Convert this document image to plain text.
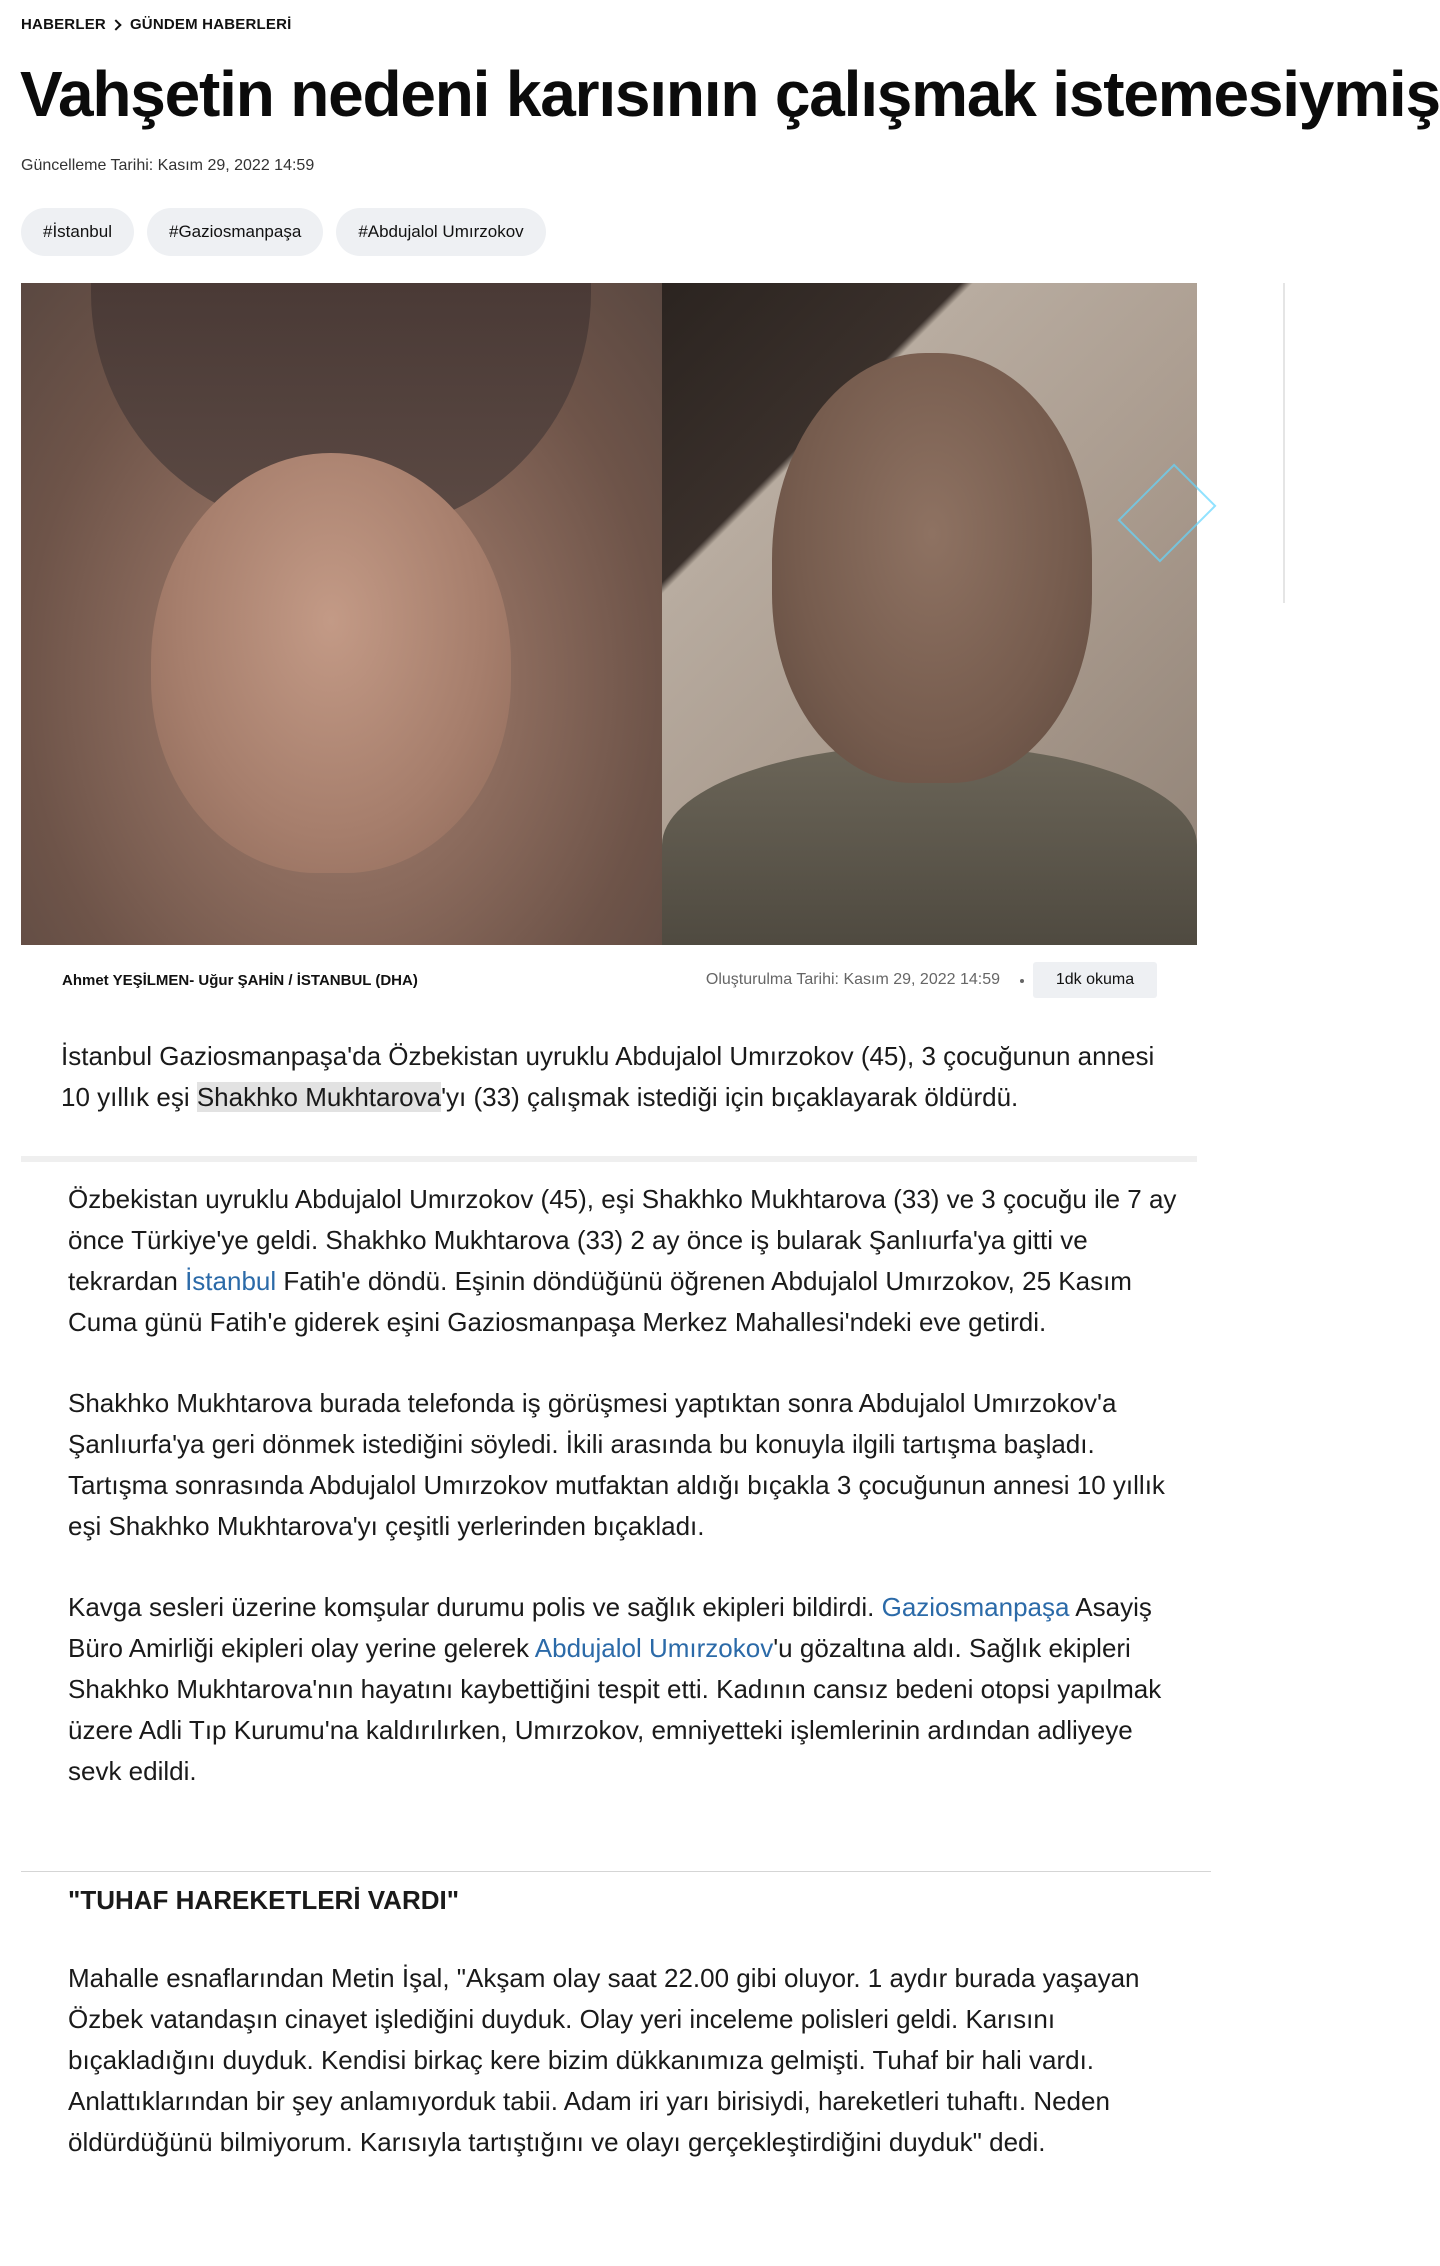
HABERLER GÜNDEM HABERLERİ
Vahşetin nedeni karısının çalışmak istemesiymiş
Güncelleme Tarihi: Kasım 29, 2022 14:59
#İstanbul	#Gaziosmanpaşa	#Abdujalol Umırzokov
Ahmet YEŞİLMEN- Uğur ŞAHİN / İSTANBUL (DHA)	Oluşturulma Tarihi: Kasım 29, 2022 14:59	1dk okuma

İstanbul Gaziosmanpaşa'da Özbekistan uyruklu Abdujalol Umırzokov (45), 3 çocuğunun annesi 10 yıllık eşi Shakhko Mukhtarova'yı (33) çalışmak istediği için bıçaklayarak öldürdü.

Özbekistan uyruklu Abdujalol Umırzokov (45), eşi Shakhko Mukhtarova (33) ve 3 çocuğu ile 7 ay önce Türkiye'ye geldi. Shakhko Mukhtarova (33) 2 ay önce iş bularak Şanlıurfa'ya gitti ve tekrardan İstanbul Fatih'e döndü. Eşinin döndüğünü öğrenen Abdujalol Umırzokov, 25 Kasım Cuma günü Fatih'e giderek eşini Gaziosmanpaşa Merkez Mahallesi'ndeki eve getirdi.

Shakhko Mukhtarova burada telefonda iş görüşmesi yaptıktan sonra Abdujalol Umırzokov'a Şanlıurfa'ya geri dönmek istediğini söyledi. İkili arasında bu konuyla ilgili tartışma başladı. Tartışma sonrasında Abdujalol Umırzokov mutfaktan aldığı bıçakla 3 çocuğunun annesi 10 yıllık eşi Shakhko Mukhtarova'yı çeşitli yerlerinden bıçakladı.

Kavga sesleri üzerine komşular durumu polis ve sağlık ekipleri bildirdi. Gaziosmanpaşa Asayiş Büro Amirliği ekipleri olay yerine gelerek Abdujalol Umırzokov'u gözaltına aldı. Sağlık ekipleri Shakhko Mukhtarova'nın hayatını kaybettiğini tespit etti. Kadının cansız bedeni otopsi yapılmak üzere Adli Tıp Kurumu'na kaldırılırken, Umırzokov, emniyetteki işlemlerinin ardından adliyeye sevk edildi.

"TUHAF HAREKETLERİ VARDI"

Mahalle esnaflarından Metin İşal, "Akşam olay saat 22.00 gibi oluyor. 1 aydır burada yaşayan Özbek vatandaşın cinayet işlediğini duyduk. Olay yeri inceleme polisleri geldi. Karısını bıçakladığını duyduk. Kendisi birkaç kere bizim dükkanımıza gelmişti. Tuhaf bir hali vardı. Anlattıklarından bir şey anlamıyorduk tabii. Adam iri yarı birisiydi, hareketleri tuhaftı. Neden öldürdüğünü bilmiyorum. Karısıyla tartıştığını ve olayı gerçekleştirdiğini duyduk" dedi.
